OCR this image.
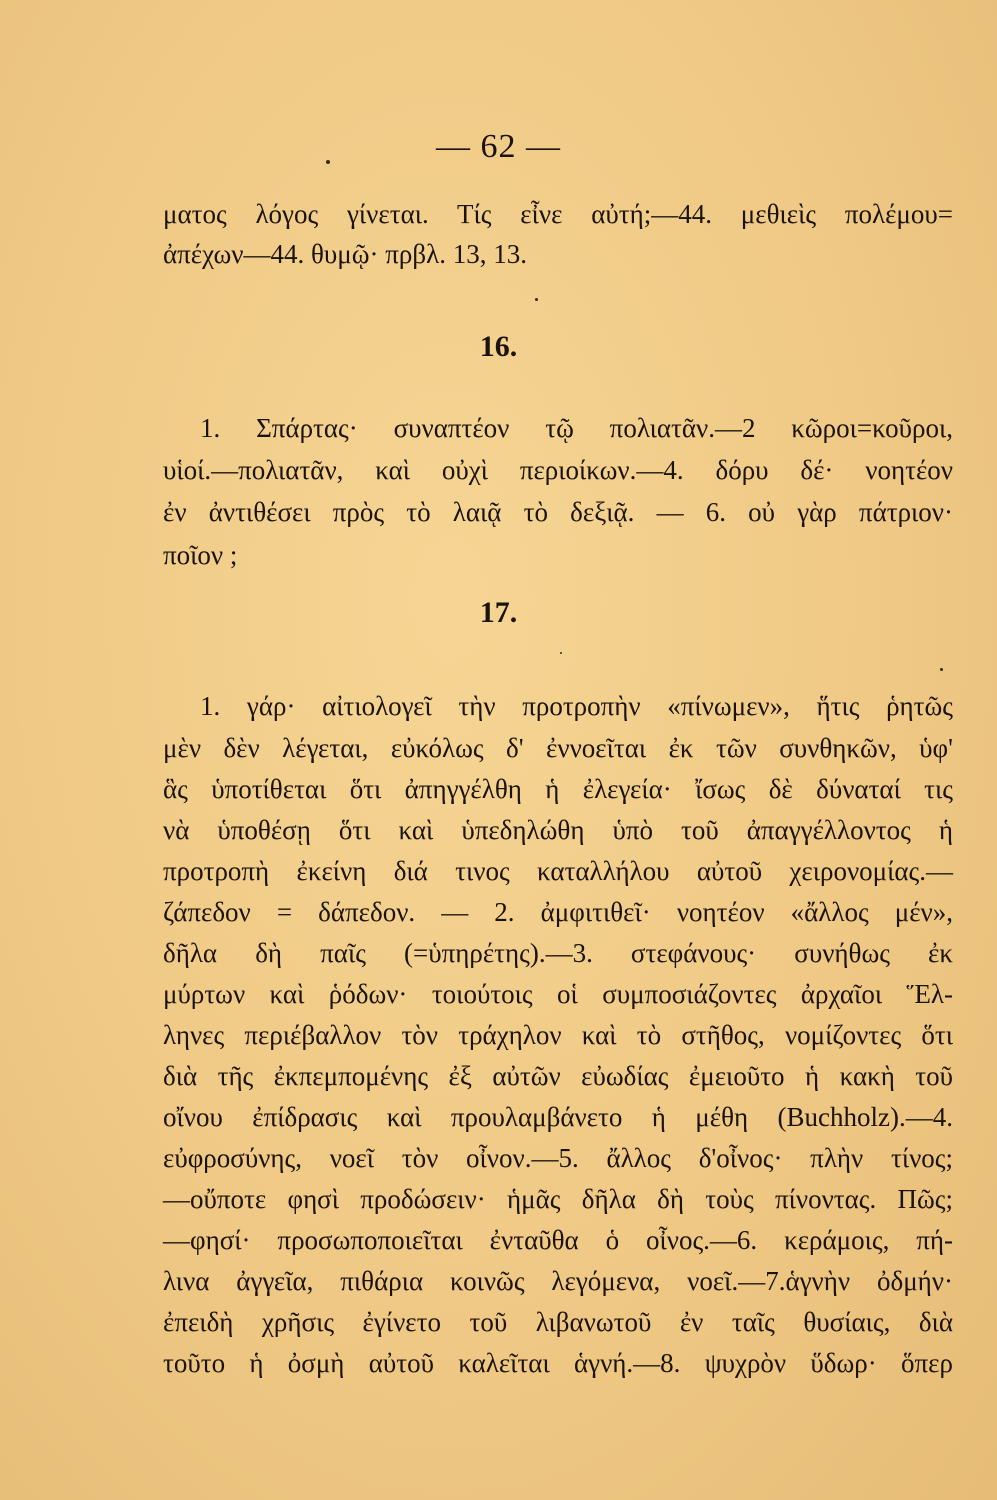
— 62 —
ματος λόγος γίνεται. Τίς εἶνε αὐτή;—44. μεθιεὶς πολέμου=
ἀπέχων—44. θυμῷ· πρβλ. 13, 13.
16.
1. Σπάρτας· συναπτέον τῷ πολιατᾶν.—2 κῶροι=κοῦροι,
υἱοί.—πολιατᾶν, καὶ οὐχὶ περιοίκων.—4. δόρυ δέ· νοητέον
ἐν ἀντιθέσει πρὸς τὸ λαιᾷ τὸ δεξιᾷ. — 6. οὐ γὰρ πάτριον·
ποῖον ;
17.
1. γάρ· αἰτιολογεῖ τὴν προτροπὴν «πίνωμεν», ἥτις ῥητῶς
μὲν δὲν λέγεται, εὐκόλως δ' ἐννοεῖται ἐκ τῶν συνθηκῶν, ὑφ'
ἃς ὑποτίθεται ὅτι ἀπηγγέλθη ἡ ἐλεγεία· ἴσως δὲ δύναταί τις
νὰ ὑποθέσῃ ὅτι καὶ ὑπεδηλώθη ὑπὸ τοῦ ἀπαγγέλλοντος ἡ
προτροπὴ ἐκείνη διά τινος καταλλήλου αὐτοῦ χειρονομίας.—
ζάπεδον = δάπεδον. — 2. ἀμφιτιθεῖ· νοητέον «ἄλλος μέν»,
δῆλα δὴ παῖς (=ὑπηρέτης).—3. στεφάνους· συνήθως ἐκ
μύρτων καὶ ῥόδων· τοιούτοις οἱ συμποσιάζοντες ἀρχαῖοι Ἕλ-
ληνες περιέβαλλον τὸν τράχηλον καὶ τὸ στῆθος, νομίζοντες ὅτι
διὰ τῆς ἐκπεμπομένης ἐξ αὐτῶν εὐωδίας ἐμειοῦτο ἡ κακὴ τοῦ
οἴνου ἐπίδρασις καὶ προυλαμβάνετο ἡ μέθη (Buchholz).—4.
εὐφροσύνης, νοεῖ τὸν οἶνον.—5. ἄλλος δ'οἶνος· πλὴν τίνος;
—οὔποτε φησὶ προδώσειν· ἡμᾶς δῆλα δὴ τοὺς πίνοντας. Πῶς;
—φησί· προσωποποιεῖται ἐνταῦθα ὁ οἶνος.—6. κεράμοις, πή-
λινα ἀγγεῖα, πιθάρια κοινῶς λεγόμενα, νοεῖ.—7.ἁγνὴν ὀδμήν·
ἐπειδὴ χρῆσις ἐγίνετο τοῦ λιβανωτοῦ ἐν ταῖς θυσίαις, διὰ
τοῦτο ἡ ὀσμὴ αὐτοῦ καλεῖται ἁγνή.—8. ψυχρὸν ὕδωρ· ὅπερ
